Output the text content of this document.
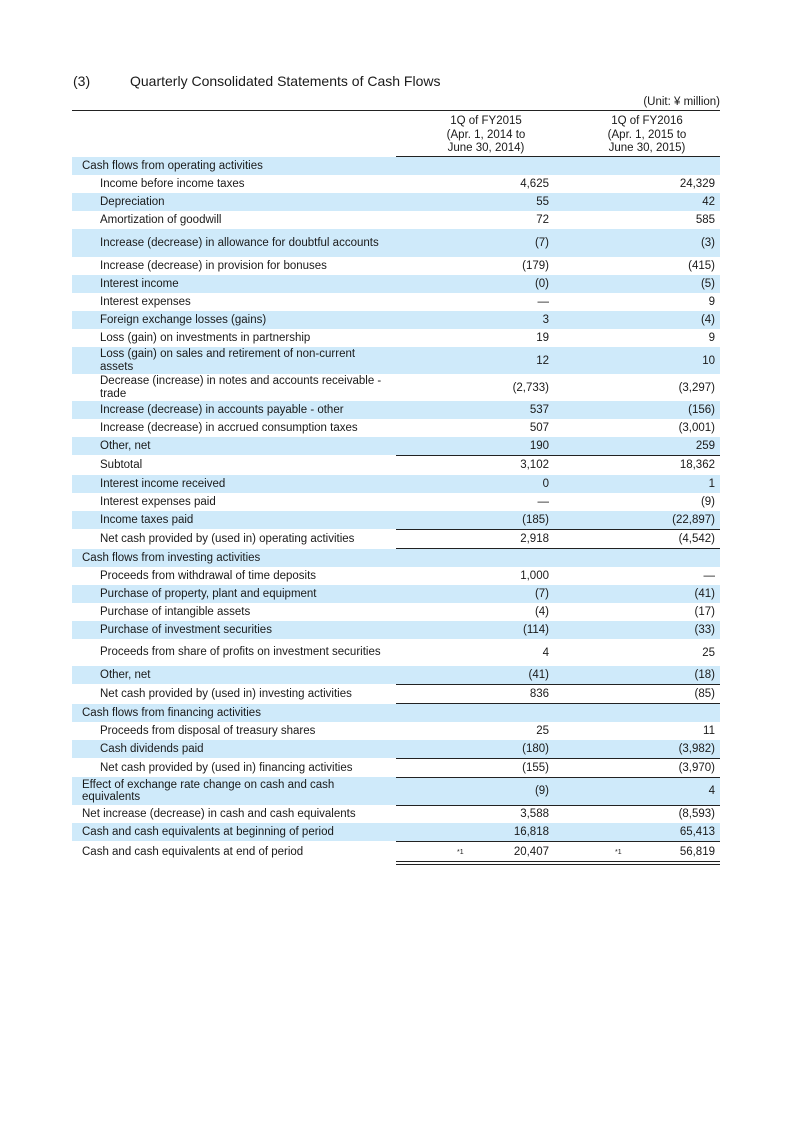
(3)	Quarterly Consolidated Statements of Cash Flows
(Unit: ¥ million)
1Q of FY2015
(Apr. 1, 2014 to
June 30, 2014)
1Q of FY2016
(Apr. 1, 2015 to
June 30, 2015)
Cash flows from operating activities
Income before income taxes	4,625	24,329
Depreciation	55	42
Amortization of goodwill	72	585
Increase (decrease) in allowance for doubtful accounts	(7)	(3)
Increase (decrease) in provision for bonuses	(179)	(415)
Interest income	(0)	(5)
Interest expenses	―	9
Foreign exchange losses (gains)	3	(4)
Loss (gain) on investments in partnership	19	9
Loss (gain) on sales and retirement of non-current assets	12	10
Decrease (increase) in notes and accounts receivable - trade	(2,733)	(3,297)
Increase (decrease) in accounts payable - other	537	(156)
Increase (decrease) in accrued consumption taxes	507	(3,001)
Other, net	190	259
Subtotal	3,102	18,362
Interest income received	0	1
Interest expenses paid	―	(9)
Income taxes paid	(185)	(22,897)
Net cash provided by (used in) operating activities	2,918	(4,542)
Cash flows from investing activities
Proceeds from withdrawal of time deposits	1,000	―
Purchase of property, plant and equipment	(7)	(41)
Purchase of intangible assets	(4)	(17)
Purchase of investment securities	(114)	(33)
Proceeds from share of profits on investment securities	4	25
Other, net	(41)	(18)
Net cash provided by (used in) investing activities	836	(85)
Cash flows from financing activities
Proceeds from disposal of treasury shares	25	11
Cash dividends paid	(180)	(3,982)
Net cash provided by (used in) financing activities	(155)	(3,970)
Effect of exchange rate change on cash and cash equivalents	(9)	4
Net increase (decrease) in cash and cash equivalents	3,588	(8,593)
Cash and cash equivalents at beginning of period	16,818	65,413
Cash and cash equivalents at end of period	20,407	56,819
*1	*1
